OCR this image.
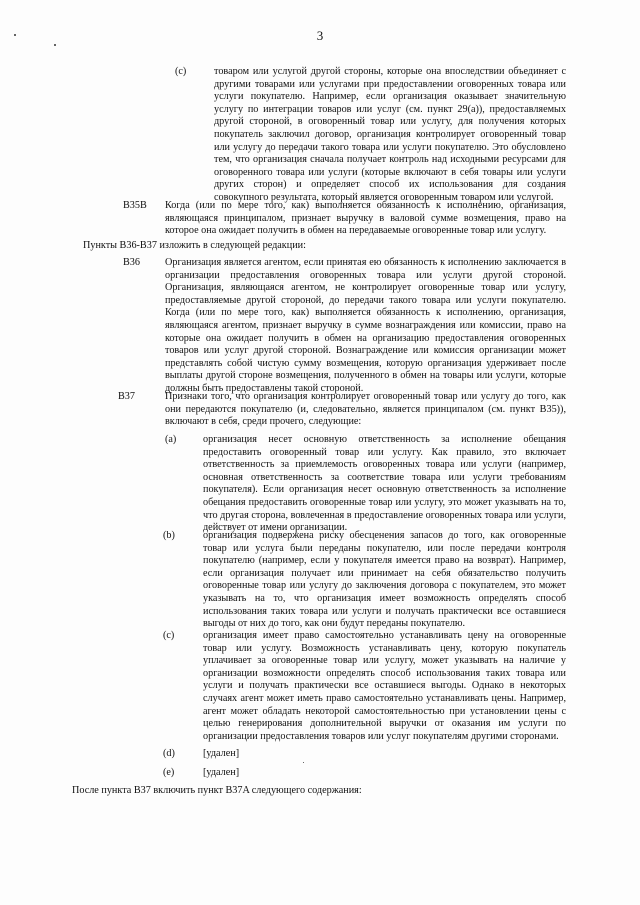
3
(c)	товаром или услугой другой стороны, которые она впоследствии объединяет с другими товарами или услугами при предоставлении оговоренных товара или услуги покупателю. Например, если организация оказывает значительную услугу по интеграции товаров или услуг (см. пункт 29(a)), предоставляемых другой стороной, в оговоренный товар или услугу, для получения которых покупатель заключил договор, организация контролирует оговоренный товар или услугу до передачи такого товара или услуги покупателю. Это обусловлено тем, что организация сначала получает контроль над исходными ресурсами для оговоренного товара или услуги (которые включают в себя товары или услуги других сторон) и определяет способ их использования для создания совокупного результата, который является оговоренным товаром или услугой.
B35B Когда (или по мере того, как) выполняется обязанность к исполнению, организация, являющаяся принципалом, признает выручку в валовой сумме возмещения, право на которое она ожидает получить в обмен на передаваемые оговоренные товар или услугу.
Пункты B36-B37 изложить в следующей редакции:
B36 Организация является агентом, если принятая ею обязанность к исполнению заключается в организации предоставления оговоренных товара или услуги другой стороной. Организация, являющаяся агентом, не контролирует оговоренные товар или услугу, предоставляемые другой стороной, до передачи такого товара или услуги покупателю. Когда (или по мере того, как) выполняется обязанность к исполнению, организация, являющаяся агентом, признает выручку в сумме вознаграждения или комиссии, право на которые она ожидает получить в обмен на организацию предоставления оговоренных товаров или услуг другой стороной. Вознаграждение или комиссия организации может представлять собой чистую сумму возмещения, которую организация удерживает после выплаты другой стороне возмещения, полученного в обмен на товары или услуги, которые должны быть предоставлены такой стороной.
B37	Признаки того, что организация контролирует оговоренный товар или услугу до того, как они передаются покупателю (и, следовательно, является принципалом (см. пункт B35)), включают в себя, среди прочего, следующие:
(a)	организация несет основную ответственность за исполнение обещания предоставить оговоренный товар или услугу. Как правило, это включает ответственность за приемлемость оговоренных товара или услуги (например, основная ответственность за соответствие товара или услуги требованиям покупателя). Если организация несет основную ответственность за исполнение обещания предоставить оговоренные товар или услугу, это может указывать на то, что другая сторона, вовлеченная в предоставление оговоренных товара или услуги, действует от имени организации.
(b)	организация подвержена риску обесценения запасов до того, как оговоренные товар или услуга были переданы покупателю, или после передачи контроля покупателю (например, если у покупателя имеется право на возврат). Например, если организация получает или принимает на себя обязательство получить оговоренные товар или услугу до заключения договора с покупателем, это может указывать на то, что организация имеет возможность определять способ использования таких товара или услуги и получать практически все оставшиеся выгоды от них до того, как они будут переданы покупателю.
(c)	организация имеет право самостоятельно устанавливать цену на оговоренные товар или услугу. Возможность устанавливать цену, которую покупатель уплачивает за оговоренные товар или услугу, может указывать на наличие у организации возможности определять способ использования таких товара или услуги и получать практически все оставшиеся выгоды. Однако в некоторых случаях агент может иметь право самостоятельно устанавливать цены. Например, агент может обладать некоторой самостоятельностью при установлении цены с целью генерирования дополнительной выручки от оказания им услуги по организации предоставления товаров или услуг покупателям другими сторонами.
(d)	[удален]
(e)	[удален]
После пункта B37 включить пункт B37A следующего содержания:
